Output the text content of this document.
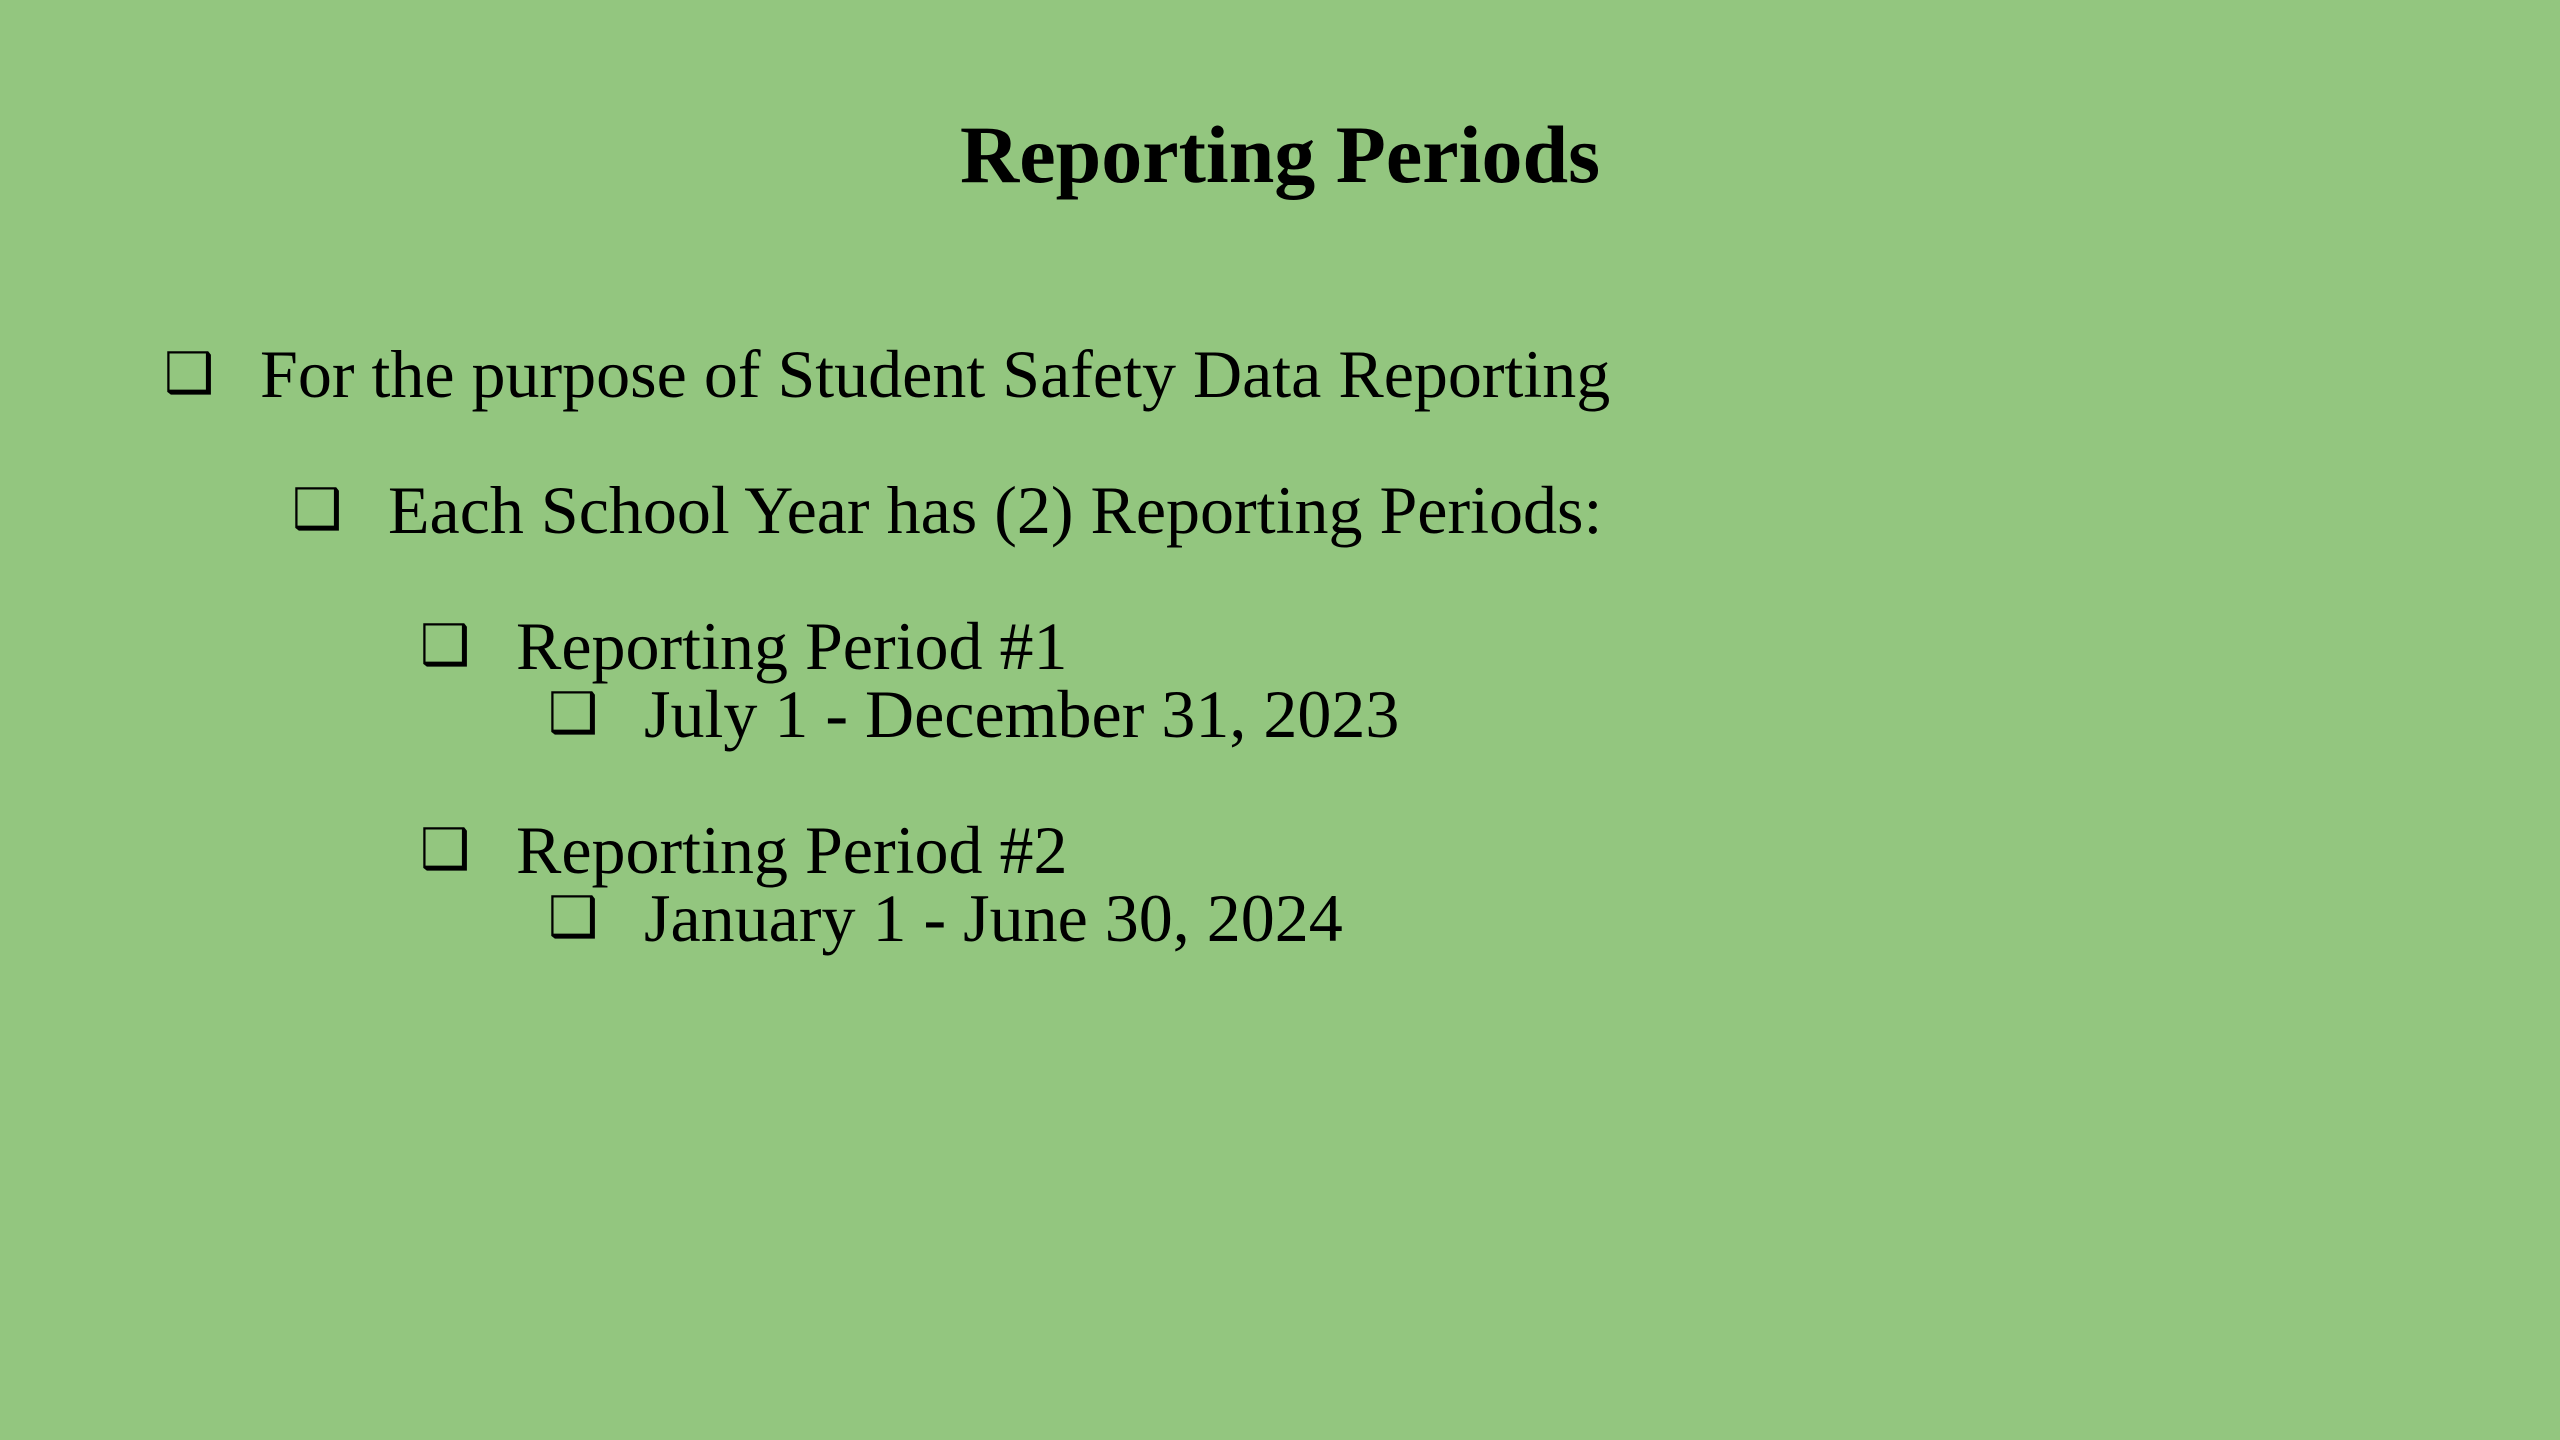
Reporting Periods
❑ For the purpose of Student Safety Data Reporting
❑ Each School Year has (2) Reporting Periods:
❑ Reporting Period #1
❑ July 1 - December 31, 2023
❑ Reporting Period #2
❑ January 1 - June 30, 2024
